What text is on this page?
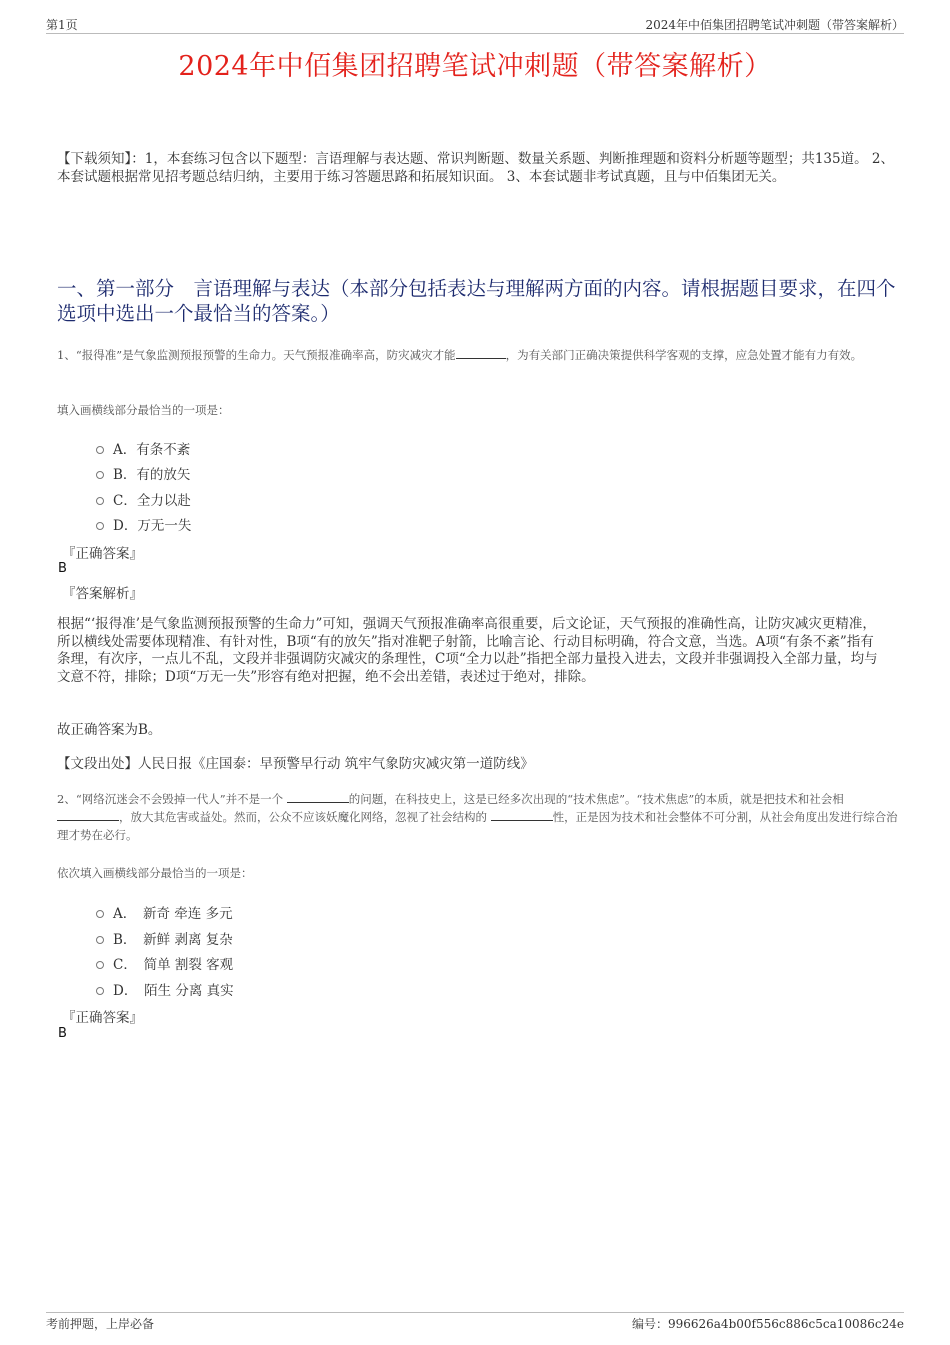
第1页	2024年中佰集团招聘笔试冲刺题（带答案解析）
2024年中佰集团招聘笔试冲刺题（带答案解析）
【下载须知】：1，本套练习包含以下题型：言语理解与表达题、常识判断题、数量关系题、判断推理题和资料分析题等题型；共135道。 2、本套试题根据常见招考题总结归纳，主要用于练习答题思路和拓展知识面。 3、本套试题非考试真题，且与中佰集团无关。
一、第一部分　言语理解与表达（本部分包括表达与理解两方面的内容。请根据题目要求，在四个选项中选出一个最恰当的答案。）
1、“报得准”是气象监测预报预警的生命力。天气预报准确率高，防灾减灾才能	，为有关部门正确决策提供科学客观的支撑，应急处置才能有力有效。
填入画横线部分最恰当的一项是：
A．有条不紊
B．有的放矢
C．全力以赴
D．万无一失
『正确答案』
B
『答案解析』
根据“‘报得准’是气象监测预报预警的生命力”可知，强调天气预报准确率高很重要，后文论证，天气预报的准确性高，让防灾减灾更精准，所以横线处需要体现精准、有针对性，B项“有的放矢”指对准靶子射箭，比喻言论、行动目标明确，符合文意，当选。A项“有条不紊”指有条理，有次序，一点儿不乱，文段并非强调防灾减灾的条理性，C项“全力以赴”指把全部力量投入进去，文段并非强调投入全部力量，均与文意不符，排除；D项“万无一失”形容有绝对把握，绝不会出差错，表述过于绝对，排除。
故正确答案为B。
【文段出处】人民日报《庄国泰：早预警早行动 筑牢气象防灾减灾第一道防线》
2、“网络沉迷会不会毁掉一代人”并不是一个	的问题，在科技史上，这是已经多次出现的“技术焦虑”。“技术焦虑”的本质，就是把技术和社会相 ，放大其危害或益处。然而，公众不应该妖魔化网络，忽视了社会结构的	性，正是因为技术和社会整体不可分割，从社会角度出发进行综合治理才势在必行。
依次填入画横线部分最恰当的一项是：
A．　新奇 牵连 多元
B．　新鲜 剥离 复杂
C．　简单 割裂 客观
D．　陌生 分离 真实
『正确答案』
B
考前押题，上岸必备	编号：996626a4b00f556c886c5ca10086c24e
